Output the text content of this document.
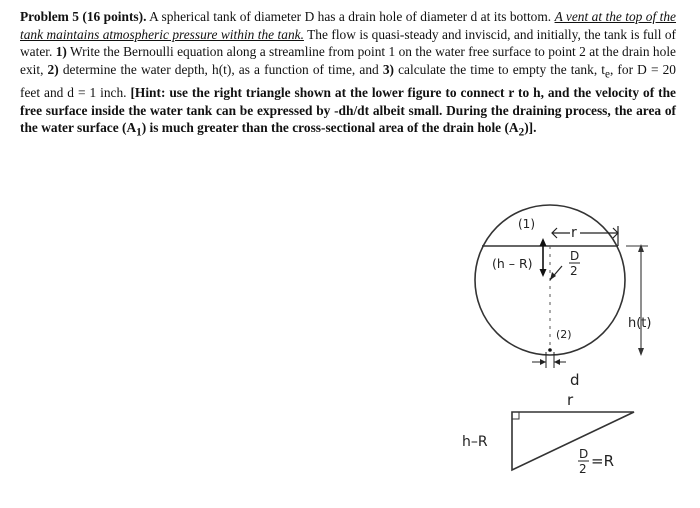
Problem 5 (16 points). A spherical tank of diameter D has a drain hole of diameter d at its bottom. A vent at the top of the tank maintains atmospheric pressure within the tank. The flow is quasi-steady and inviscid, and initially, the tank is full of water. 1) Write the Bernoulli equation along a streamline from point 1 on the water free surface to point 2 at the drain hole exit, 2) determine the water depth, h(t), as a function of time, and 3) calculate the time to empty the tank, $t_e$, for D = 20 feet and d = 1 inch. [Hint: use the right triangle shown at the lower figure to connect r to h, and the velocity of the free surface inside the water tank can be expressed by -dh/dt albeit small. During the draining process, the area of the water surface $(A_1)$ is much greater than the cross-sectional area of the drain hole $(A_2)$].
(1)
r
(h – R)	D
2
h(t)
(2)
d
r
h–R
D
2 =R
